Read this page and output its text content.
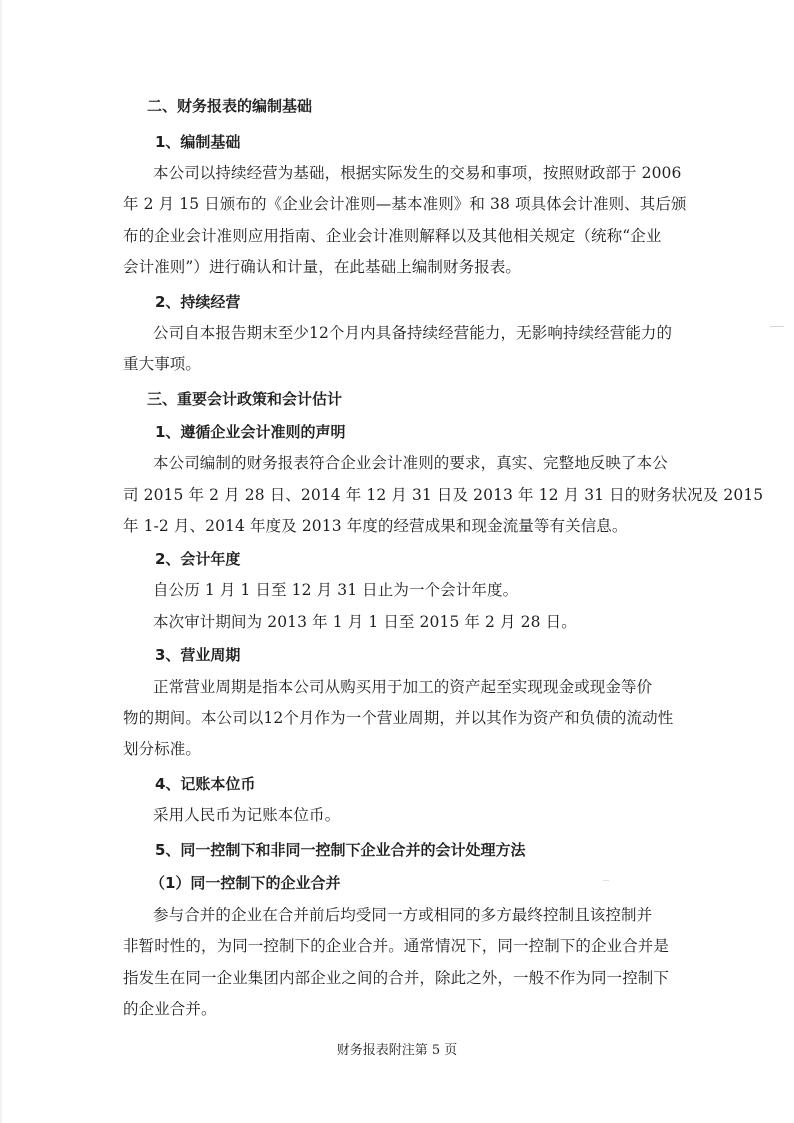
二、财务报表的编制基础
1、编制基础
本公司以持续经营为基础，根据实际发生的交易和事项，按照财政部于 2006
年 2 月 15 日颁布的《企业会计准则—基本准则》和 38 项具体会计准则、其后颁
布的企业会计准则应用指南、企业会计准则解释以及其他相关规定（统称“企业
会计准则”）进行确认和计量，在此基础上编制财务报表。
2、持续经营
公司自本报告期末至少12个月内具备持续经营能力，无影响持续经营能力的
重大事项。
三、重要会计政策和会计估计
1、遵循企业会计准则的声明
本公司编制的财务报表符合企业会计准则的要求，真实、完整地反映了本公
司 2015 年 2 月 28 日、2014 年 12 月 31 日及 2013 年 12 月 31 日的财务状况及 2015
年 1-2 月、2014 年度及 2013 年度的经营成果和现金流量等有关信息。
2、会计年度
自公历 1 月 1 日至 12 月 31 日止为一个会计年度。
本次审计期间为 2013 年 1 月 1 日至 2015 年 2 月 28 日。
3、营业周期
正常营业周期是指本公司从购买用于加工的资产起至实现现金或现金等价
物的期间。本公司以12个月作为一个营业周期，并以其作为资产和负债的流动性
划分标准。
4、记账本位币
采用人民币为记账本位币。
5、同一控制下和非同一控制下企业合并的会计处理方法
（1）同一控制下的企业合并
参与合并的企业在合并前后均受同一方或相同的多方最终控制且该控制并
非暂时性的，为同一控制下的企业合并。通常情况下，同一控制下的企业合并是
指发生在同一企业集团内部企业之间的合并，除此之外，一般不作为同一控制下
的企业合并。
财务报表附注第 5 页
